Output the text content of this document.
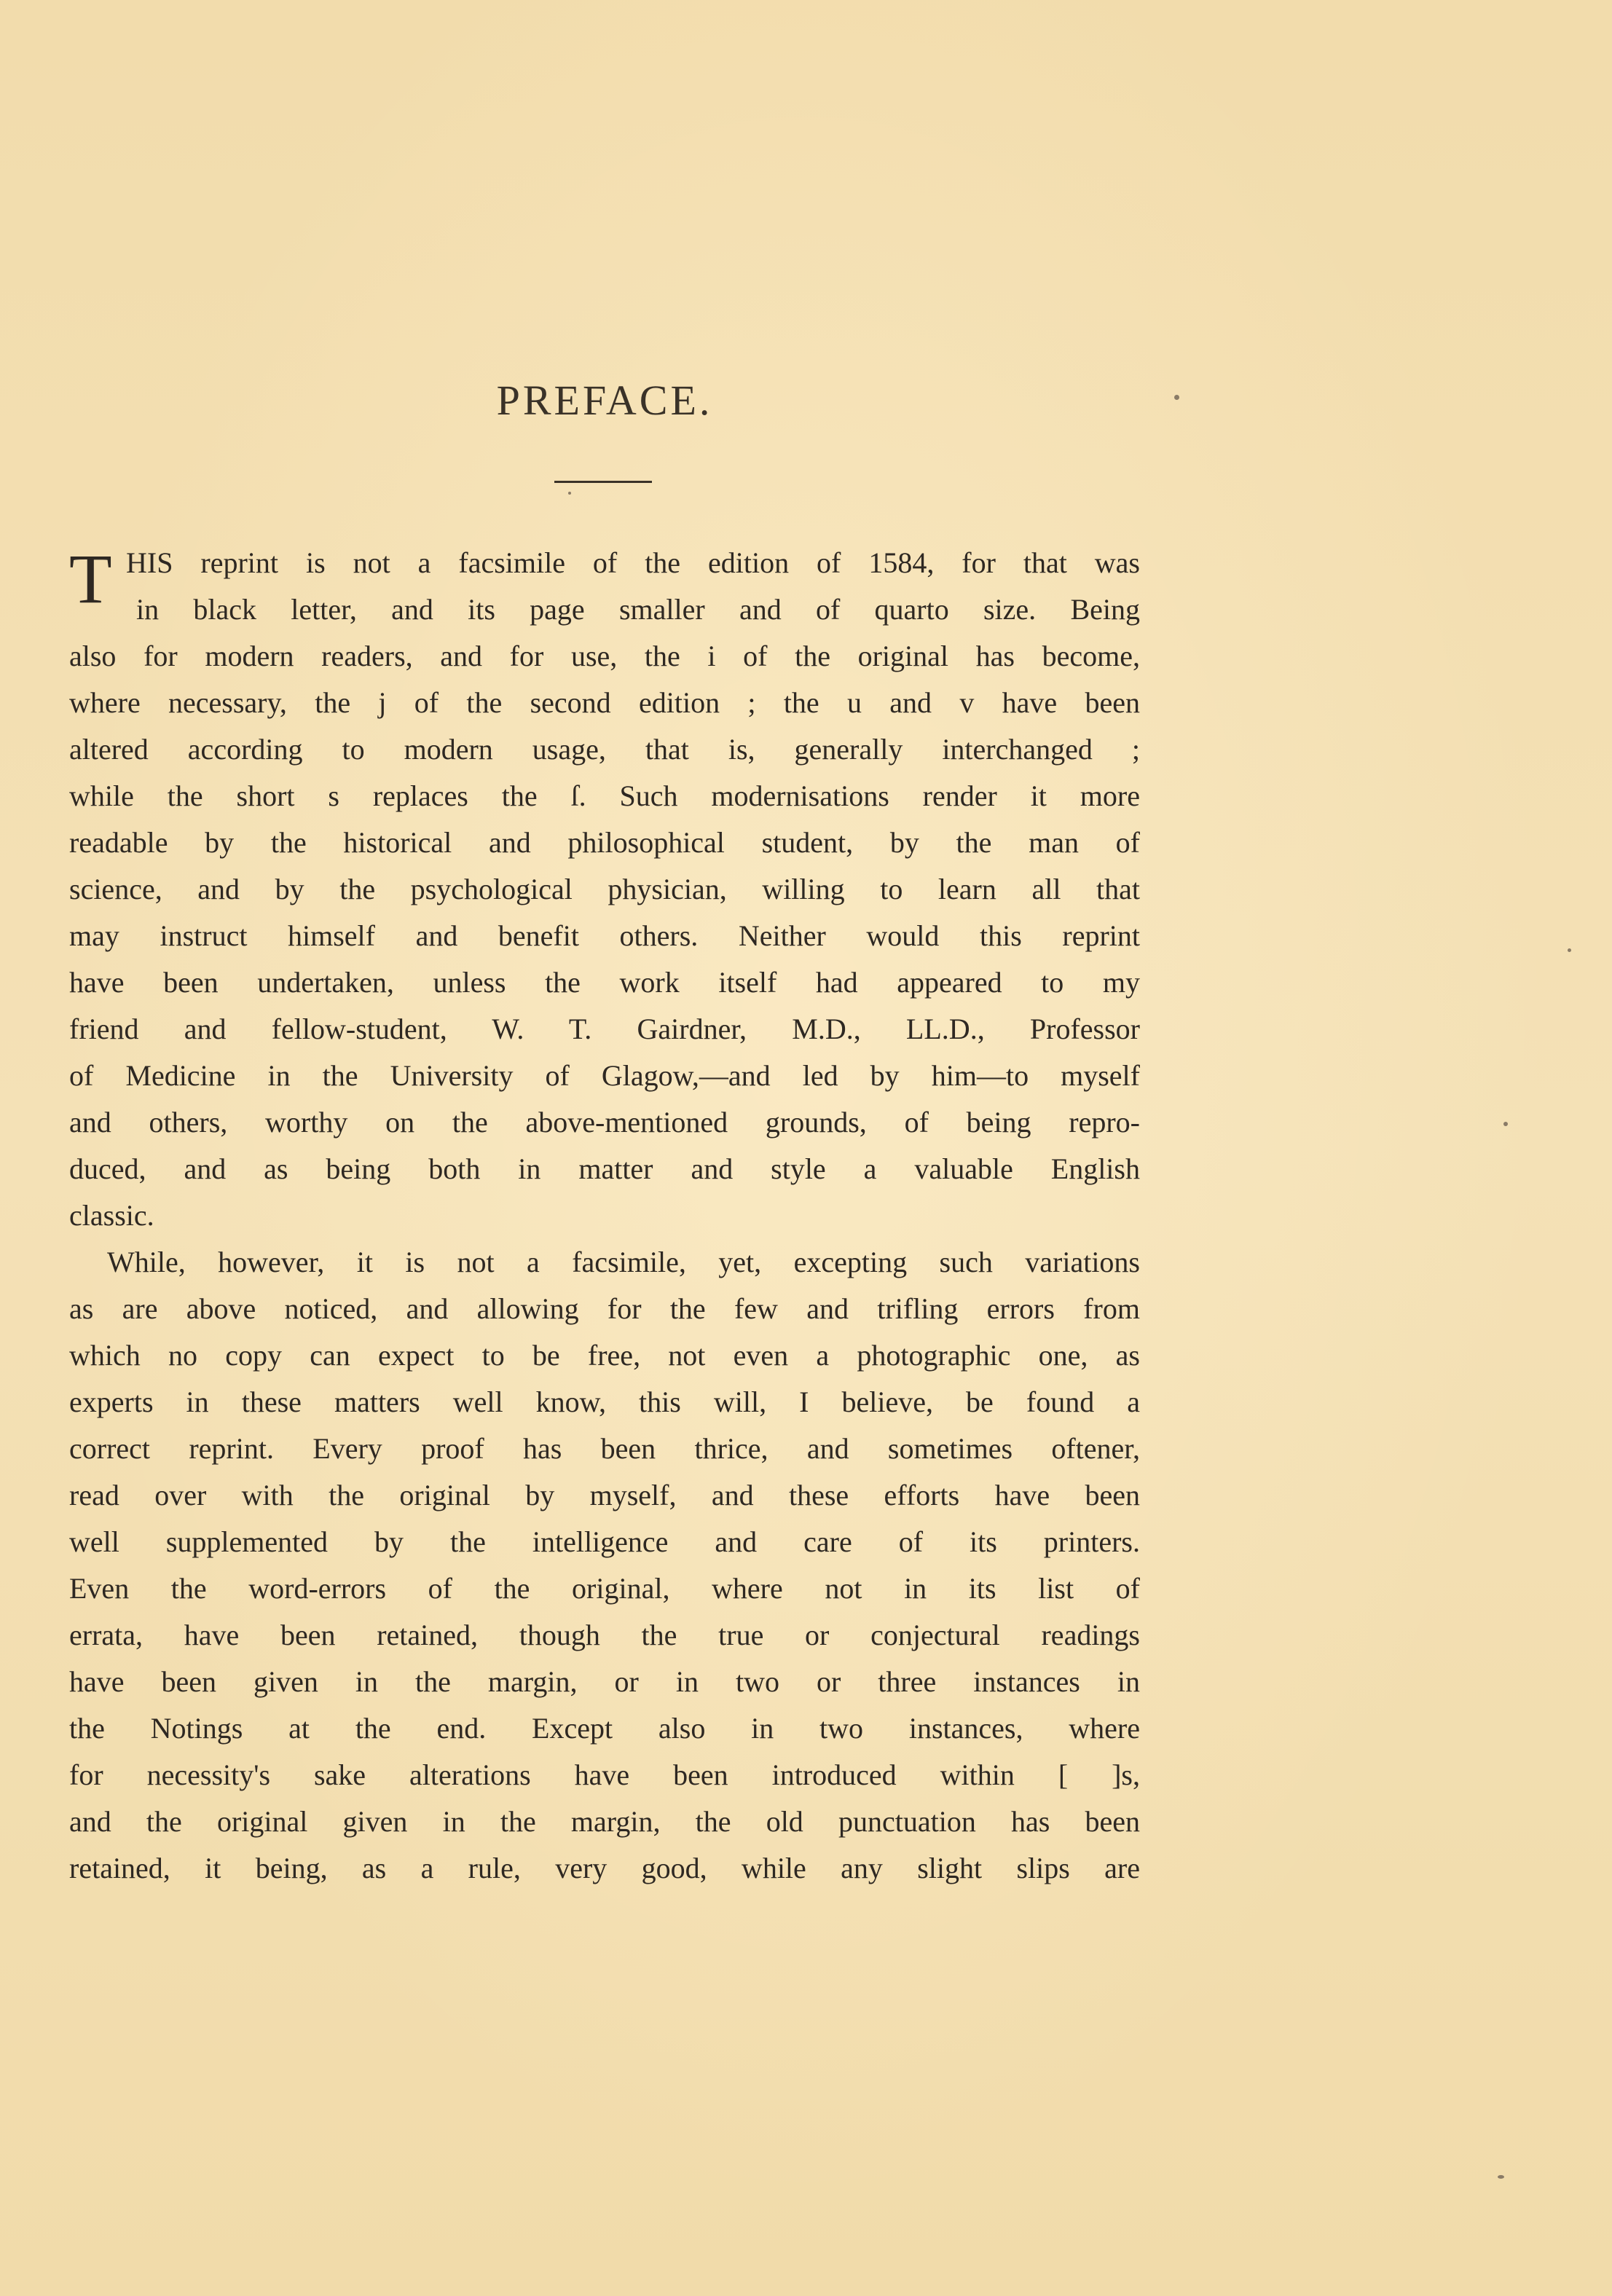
PREFACE.
T HIS reprint is not a facsimile of the edition of 1584, for that was
in black letter, and its page smaller and of quarto size. Being
also for modern readers, and for use, the i of the original has become,
where necessary, the j of the second edition ; the u and v have been
altered according to modern usage, that is, generally interchanged ;
while the short s replaces the ſ. Such modernisations render it more
readable by the historical and philosophical student, by the man of
science, and by the psychological physician, willing to learn all that
may instruct himself and benefit others. Neither would this reprint
have been undertaken, unless the work itself had appeared to my
friend and fellow-student, W. T. Gairdner, M.D., LL.D., Professor
of Medicine in the University of Glagow,—and led by him—to myself
and others, worthy on the above-mentioned grounds, of being repro-
duced, and as being both in matter and style a valuable English
classic.
While, however, it is not a facsimile, yet, excepting such variations
as are above noticed, and allowing for the few and trifling errors from
which no copy can expect to be free, not even a photographic one, as
experts in these matters well know, this will, I believe, be found a
correct reprint. Every proof has been thrice, and sometimes oftener,
read over with the original by myself, and these efforts have been
well supplemented by the intelligence and care of its printers.
Even the word-errors of the original, where not in its list of
errata, have been retained, though the true or conjectural readings
have been given in the margin, or in two or three instances in
the Notings at the end. Except also in two instances, where
for necessity's sake alterations have been introduced within [ ]s,
and the original given in the margin, the old punctuation has been
retained, it being, as a rule, very good, while any slight slips are
